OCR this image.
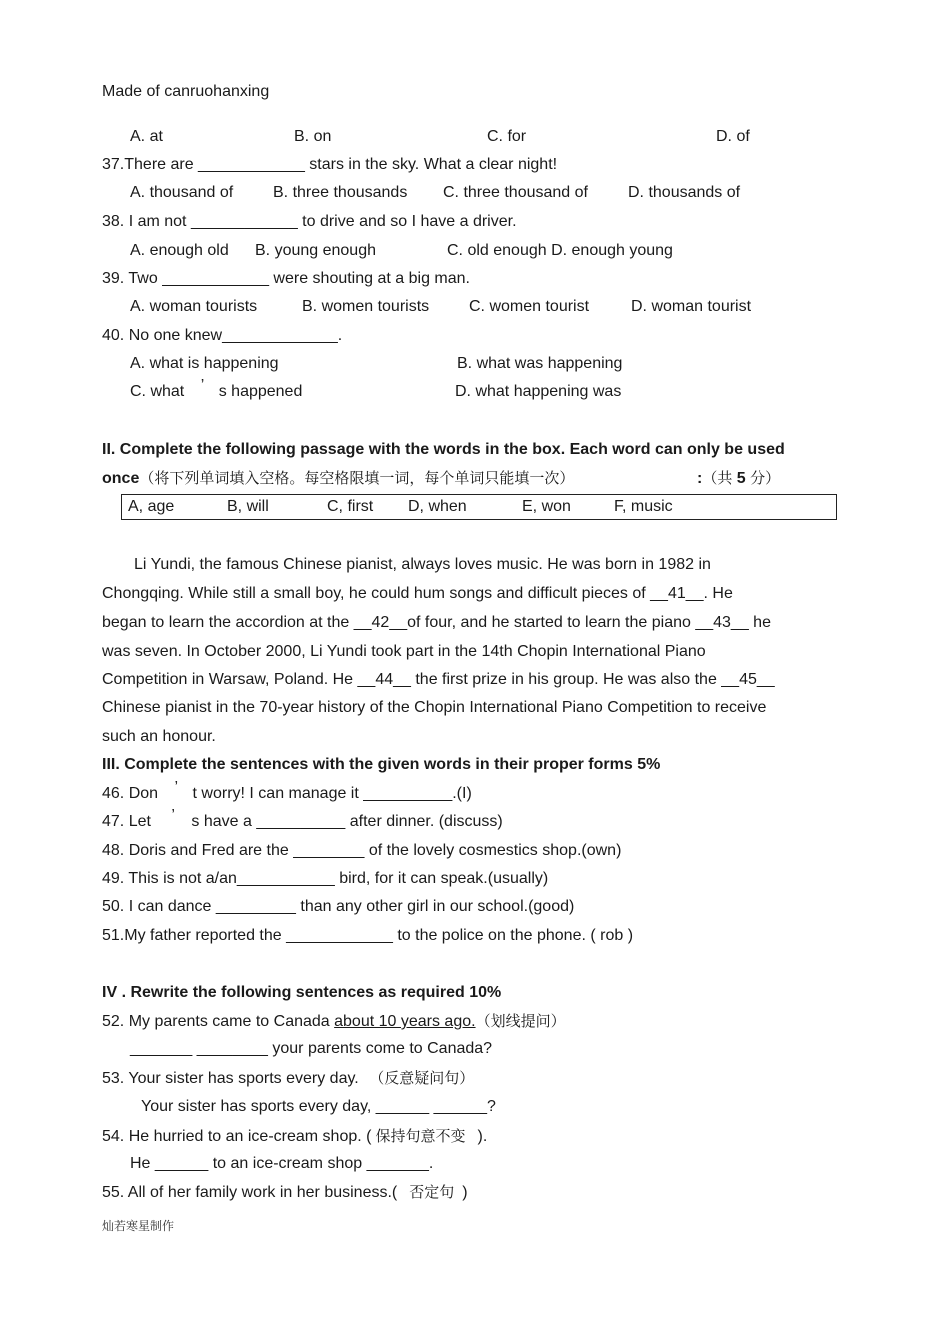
Made of canruohanxing
A. at	B. on	C. for	D. of
37.There are ____________ stars in the sky. What a clear night!
A. thousand of B. three thousands C. three thousand of	D. thousands of
38. I am not ____________ to drive and so I have a driver.
A. enough old B. young enough	C. old enough D. enough young
39. Two ____________ were shouting at a big man.
A. woman tourists	B. women tourists C. women tourist	D. woman tourist
40. No one knew_____________.
A. what is happening	B. what was happening
C. what ’ s happened	D. what happening was
II. Complete the following passage with the words in the box. Each word can only be used
once（将下列单词填入空格。每空格限填一词，每个单词只能填一次）	:（共 5 分）
A, age	B, will	C, first D, when	E, won	F, music
Li Yundi, the famous Chinese pianist, always loves music. He was born in 1982 in
Chongqing. While still a small boy, he could hum songs and difficult pieces of __41__. He
began to learn the accordion at the __42__of four, and he started to learn the piano __43__ he
was seven. In October 2000, Li Yundi took part in the 14th Chopin International Piano
Competition in Warsaw, Poland. He __44__ the first prize in his group. He was also the __45__
Chinese pianist in the 70-year history of the Chopin International Piano Competition to receive
such an honour.
III. Complete the sentences with the given words in their proper forms 5%
46. Don ’ t worry! I can manage it __________.(I)
47. Let ’ s have a __________ after dinner. (discuss)
48. Doris and Fred are the ________ of the lovely cosmestics shop.(own)
49. This is not a/an___________ bird, for it can speak.(usually)
50. I can dance _________ than any other girl in our school.(good)
51.My father reported the ____________ to the police on the phone. ( rob )
IV . Rewrite the following sentences as required 10%
52. My parents came to Canada about 10 years ago.（划线提问）
_______ ________ your parents come to Canada?
53. Your sister has sports every day. （反意疑问句）
Your sister has sports every day, ______ ______?
54. He hurried to an ice-cream shop. ( 保持句意不变 ).
He ______ to an ice-cream shop _______.
55. All of her family work in her business.( 否定句 )
灿若寒星制作
